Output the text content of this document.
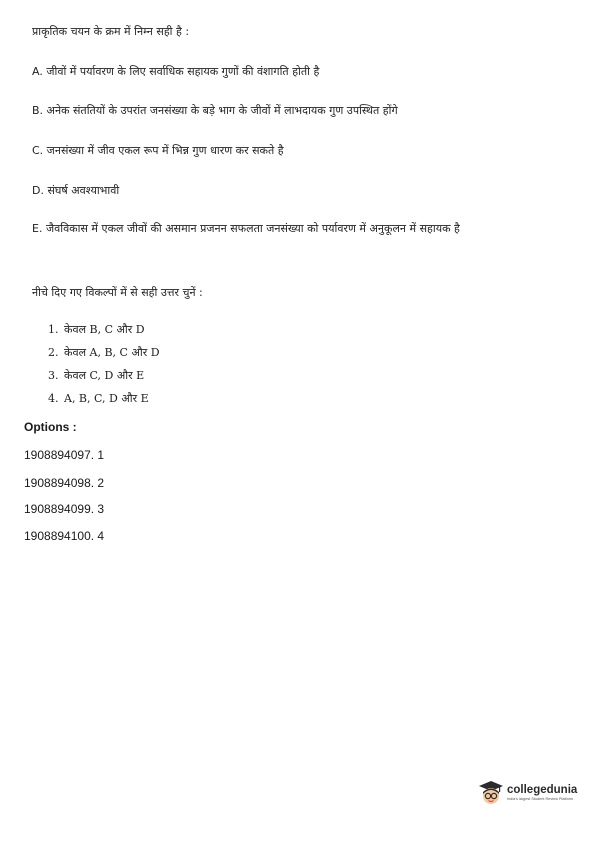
प्राकृतिक चयन के क्रम में निम्न सही है :
A. जीवों में पर्यावरण के लिए सर्वाधिक सहायक गुणों की वंशागति होती है
B. अनेक संततियों के उपरांत जनसंख्या के बड़े भाग के जीवों में लाभदायक गुण उपस्थित होंगे
C. जनसंख्या में जीव एकल रूप में भिन्न गुण धारण कर सकते है
D. संघर्ष अवश्याभावी
E. जैवविकास में एकल जीवों की असमान प्रजनन सफलता जनसंख्या को पर्यावरण में अनुकूलन में सहायक है
नीचे दिए गए विकल्पों में से सही उत्तर चुनें :
1. केवल B, C और D
2. केवल A, B, C और D
3. केवल C, D और E
4. A, B, C, D और E
Options :
1908894097. 1
1908894098. 2
1908894099. 3
1908894100. 4
collegedunia
India's largest Student Review Platform
